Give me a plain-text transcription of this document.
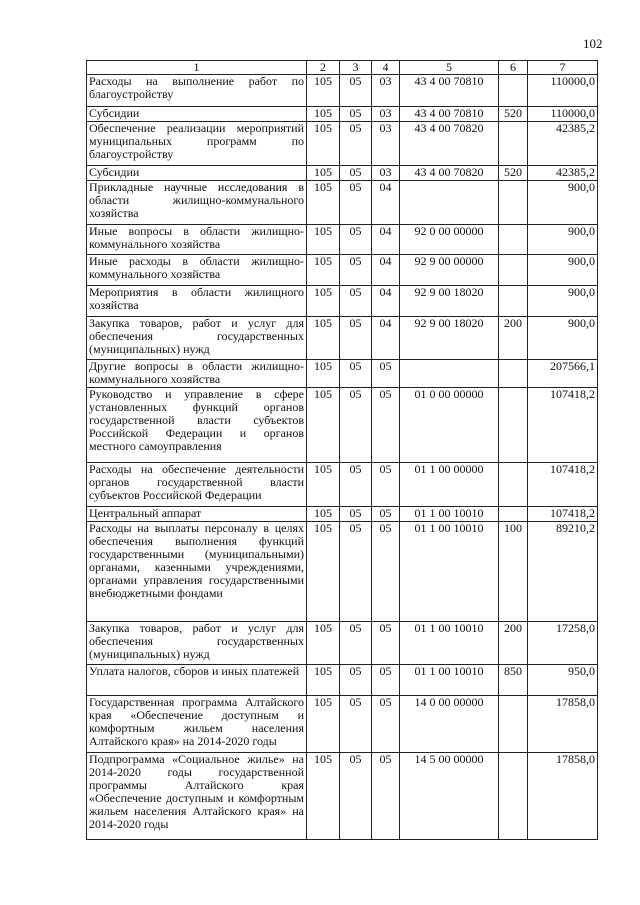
102
1	2	3	4	5	6	7
Расходы на выполнение работ по благоустройству	105	05	03	43 4 00 70810		110000,0
Субсидии	105	05	03	43 4 00 70810	520	110000,0
Обеспечение реализации мероприятий муниципальных программ по благоустройству	105	05	03	43 4 00 70820		42385,2
Субсидии	105	05	03	43 4 00 70820	520	42385,2
Прикладные научные исследования в области жилищно-коммунального хозяйства	105	05	04			900,0
Иные вопросы в области жилищно-коммунального хозяйства	105	05	04	92 0 00 00000		900,0
Иные расходы в области жилищно-коммунального хозяйства	105	05	04	92 9 00 00000		900,0
Мероприятия в области жилищного хозяйства	105	05	04	92 9 00 18020		900,0
Закупка товаров, работ и услуг для обеспечения государственных (муниципальных) нужд	105	05	04	92 9 00 18020	200	900,0
Другие вопросы в области жилищно-коммунального хозяйства	105	05	05			207566,1
Руководство и управление в сфере установленных функций органов государственной власти субъектов Российской Федерации и органов местного самоуправления	105	05	05	01 0 00 00000		107418,2
Расходы на обеспечение деятельности органов государственной власти субъектов Российской Федерации	105	05	05	01 1 00 00000		107418,2
Центральный аппарат	105	05	05	01 1 00 10010		107418,2
Расходы на выплаты персоналу в целях обеспечения выполнения функций государственными (муниципальными) органами, казенными учреждениями, органами управления государственными внебюджетными фондами	105	05	05	01 1 00 10010	100	89210,2
Закупка товаров, работ и услуг для обеспечения государственных (муниципальных) нужд	105	05	05	01 1 00 10010	200	17258,0
Уплата налогов, сборов и иных платежей	105	05	05	01 1 00 10010	850	950,0
Государственная программа Алтайского края «Обеспечение доступным и комфортным жильем населения Алтайского края» на 2014-2020 годы	105	05	05	14 0 00 00000		17858,0
Подпрограмма «Социальное жилье» на 2014-2020 годы государственной программы Алтайского края «Обеспечение доступным и комфортным жильем населения Алтайского края» на 2014-2020 годы	105	05	05	14 5 00 00000		17858,0
